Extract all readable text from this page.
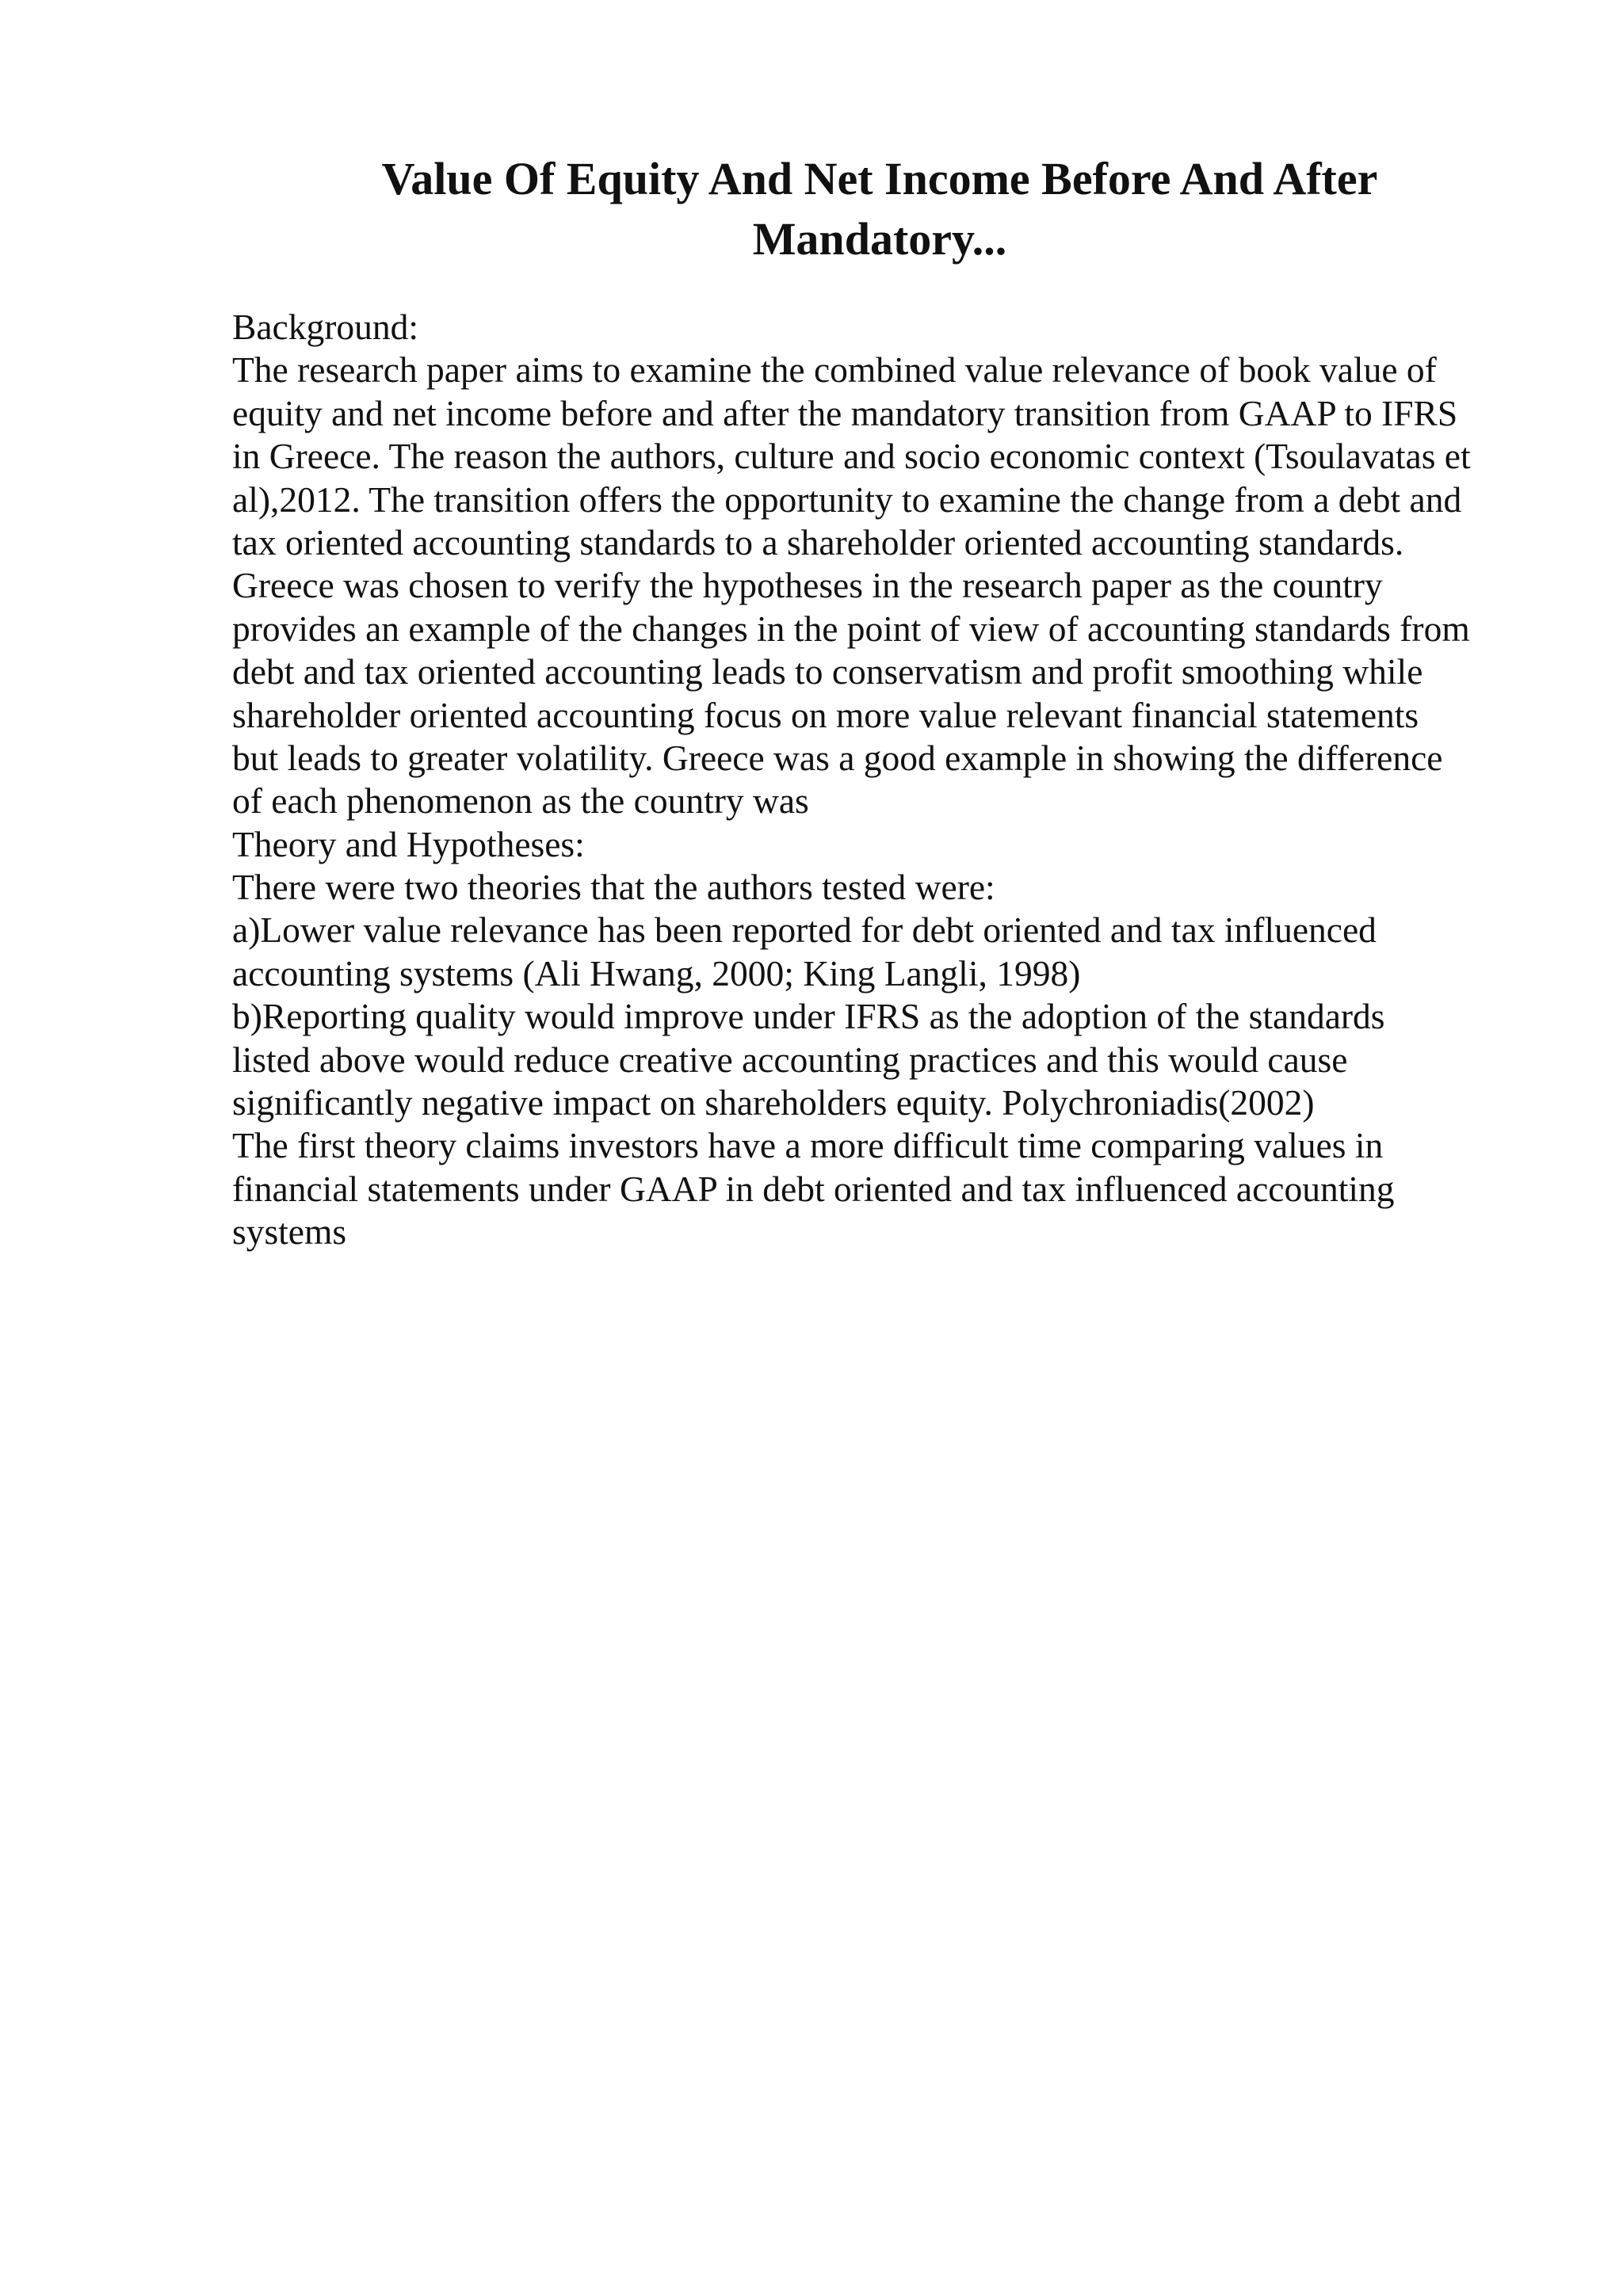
Value Of Equity And Net Income Before And After
Mandatory...
Background:
The research paper aims to examine the combined value relevance of book value of
equity and net income before and after the mandatory transition from GAAP to IFRS
in Greece. The reason the authors, culture and socio economic context (Tsoulavatas et
al),2012. The transition offers the opportunity to examine the change from a debt and
tax oriented accounting standards to a shareholder oriented accounting standards.
Greece was chosen to verify the hypotheses in the research paper as the country
provides an example of the changes in the point of view of accounting standards from
debt and tax oriented accounting leads to conservatism and profit smoothing while
shareholder oriented accounting focus on more value relevant financial statements
but leads to greater volatility. Greece was a good example in showing the difference
of each phenomenon as the country was
Theory and Hypotheses:
There were two theories that the authors tested were:
a)Lower value relevance has been reported for debt oriented and tax influenced
accounting systems (Ali Hwang, 2000; King Langli, 1998)
b)Reporting quality would improve under IFRS as the adoption of the standards
listed above would reduce creative accounting practices and this would cause
significantly negative impact on shareholders equity. Polychroniadis(2002)
The first theory claims investors have a more difficult time comparing values in
financial statements under GAAP in debt oriented and tax influenced accounting
systems
